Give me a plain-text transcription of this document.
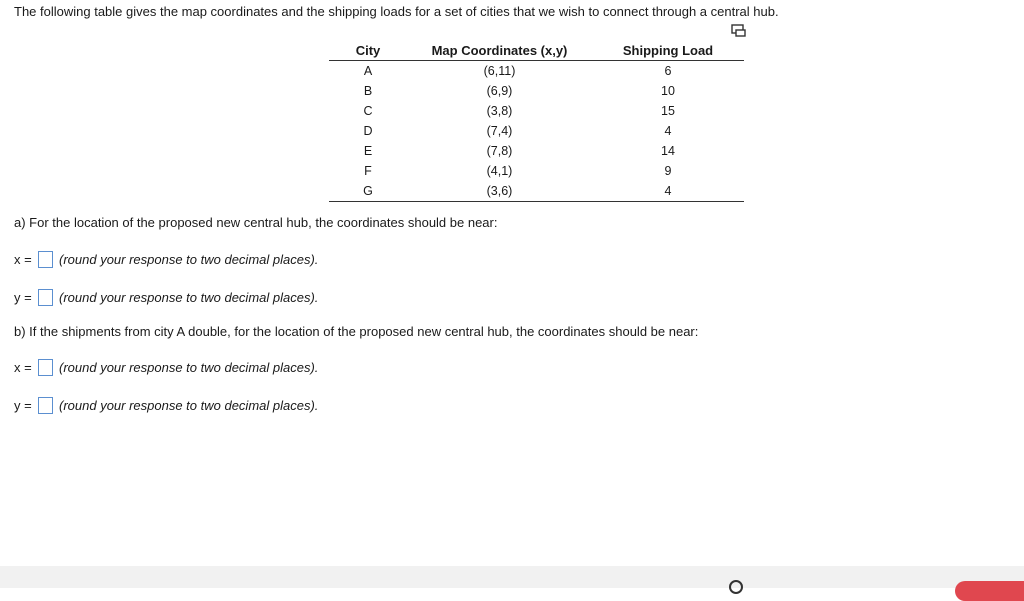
The following table gives the map coordinates and the shipping loads for a set of cities that we wish to connect through a central hub.
City	Map Coordinates (x,y)	Shipping Load
A	(6,11)	6
B	(6,9)	10
C	(3,8)	15
D	(7,4)	4
E	(7,8)	14
F	(4,1)	9
G	(3,6)	4
a) For the location of the proposed new central hub, the coordinates should be near:
x =	(round your response to two decimal places).
y =	(round your response to two decimal places).
b) If the shipments from city A double, for the location of the proposed new central hub, the coordinates should be near:
x =	(round your response to two decimal places).
y =	(round your response to two decimal places).
